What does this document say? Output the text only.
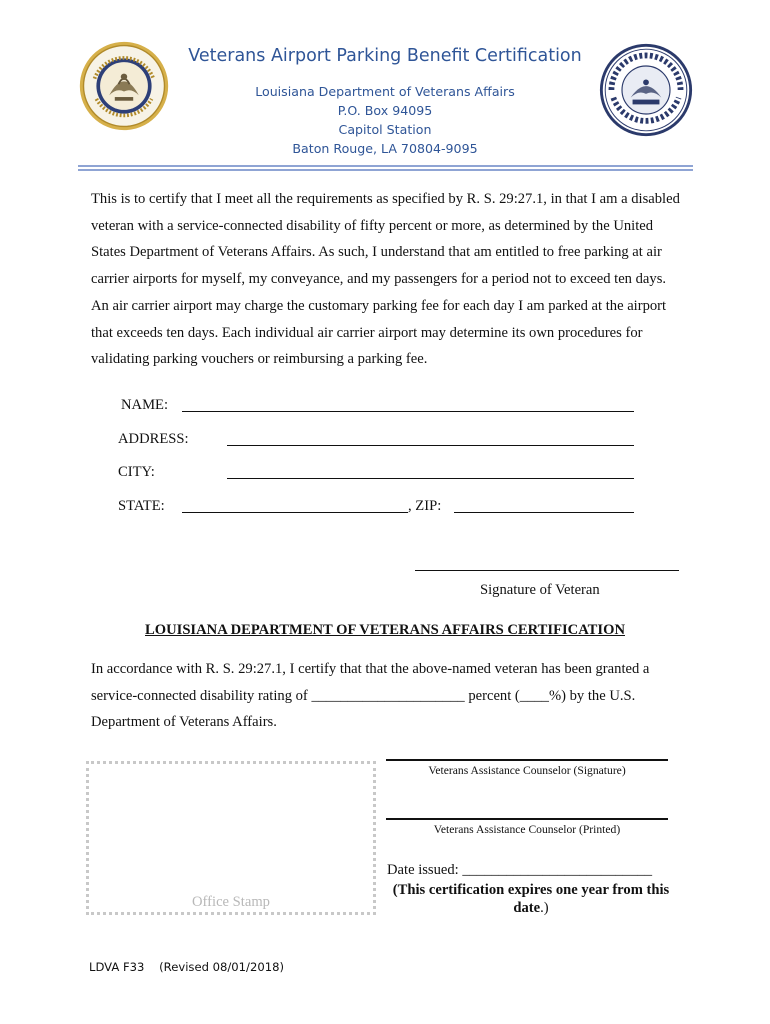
Veterans Airport Parking Benefit Certification
Louisiana Department of Veterans Affairs
P.O. Box 94095
Capitol Station
Baton Rouge, LA 70804-9095
This is to certify that I meet all the requirements as specified by R. S. 29:27.1, in that I am a disabled veteran with a service-connected disability of fifty percent or more, as determined by the United States Department of Veterans Affairs. As such, I understand that am entitled to free parking at air carrier airports for myself, my conveyance, and my passengers for a period not to exceed ten days. An air carrier airport may charge the customary parking fee for each day I am parked at the airport that exceeds ten days. Each individual air carrier airport may determine its own procedures for validating parking vouchers or reimbursing a parking fee.
NAME:
ADDRESS:
CITY:
STATE:	, ZIP:
Signature of Veteran
LOUISIANA DEPARTMENT OF VETERANS AFFAIRS CERTIFICATION
In accordance with R. S. 29:27.1, I certify that that the above-named veteran has been granted a
service-connected disability rating of _____________________ percent (____%) by the U.S.
Department of Veterans Affairs.
Office Stamp
Veterans Assistance Counselor (Signature)
Veterans Assistance Counselor (Printed)
Date issued: __________________________
(This certification expires one year from this date.)
LDVA F33    (Revised 08/01/2018)
